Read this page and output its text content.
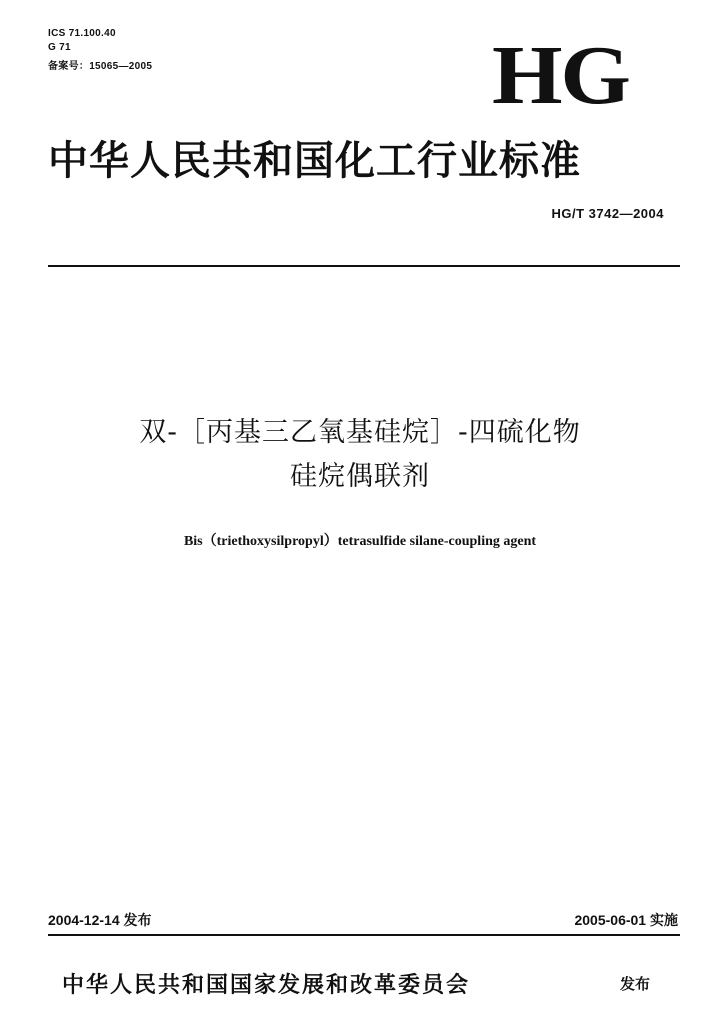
ICS 71.100.40
G 71
备案号：15065—2005	HG
中华人民共和国化工行业标准
HG/T 3742—2004
双-［丙基三乙氧基硅烷］-四硫化物
硅烷偶联剂
Bis（triethoxysilpropyl）tetrasulfide silane-coupling agent
2004-12-14 发布	2005-06-01 实施
中华人民共和国国家发展和改革委员会	发布
